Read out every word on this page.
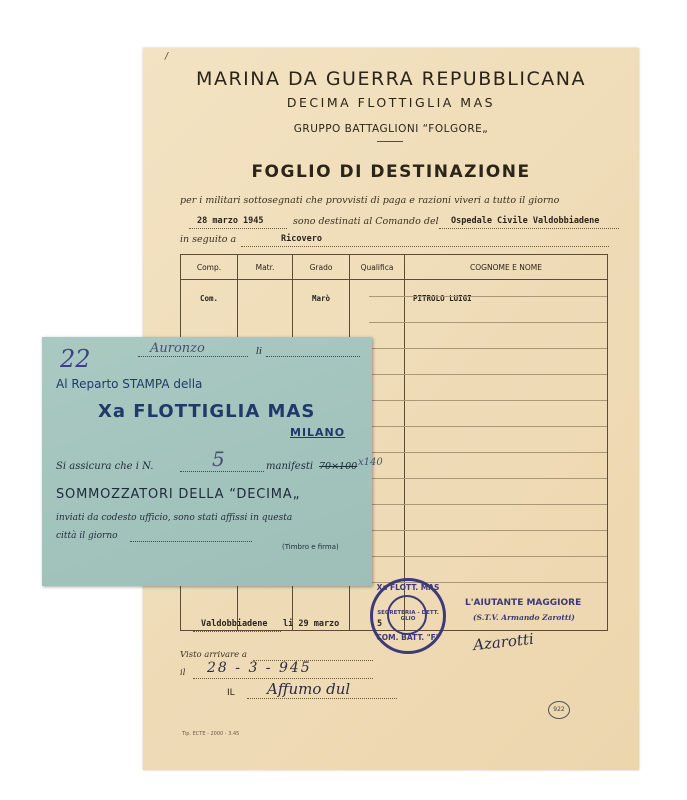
/
MARINA DA GUERRA REPUBBLICANA
DECIMA FLOTTIGLIA MAS
GRUPPO BATTAGLIONI “FOLGORE„
FOGLIO DI DESTINAZIONE
per i militari sottosegnati che provvisti di paga e razioni viveri a tutto il giorno
28 marzo 1945	sono destinati al Comando del Ospedale Civile Valdobbiadene
in seguito a	Ricovero
Comp.	Matr.	Grado	Qualifica	COGNOME E NOME
Com.		Marò		PITROLO LUIGI
Valdobbiadene li 29 marzo	5
Xa FLOTT. MAS
SEGRETERIA - DETT. GLIO
COM. BATT. "F"
L'AIUTANTE MAGGIORE
(S.T.V. Armando Zarotti)
Azarotti
Visto arrivare a
il 28 - 3 - 945
IL Affumo dul
Tip. ECTE - 2000 - 3.45
922
22	Auronzo	li
Al Reparto STAMPA della
Xa FLOTTIGLIA MAS
MILANO
Si assicura che i N.	5	manifesti 70×100 x140
SOMMOZZATORI DELLA “DECIMA„
inviati da codesto ufficio, sono stati affissi in questa
città il giorno
(Timbro e firma)
